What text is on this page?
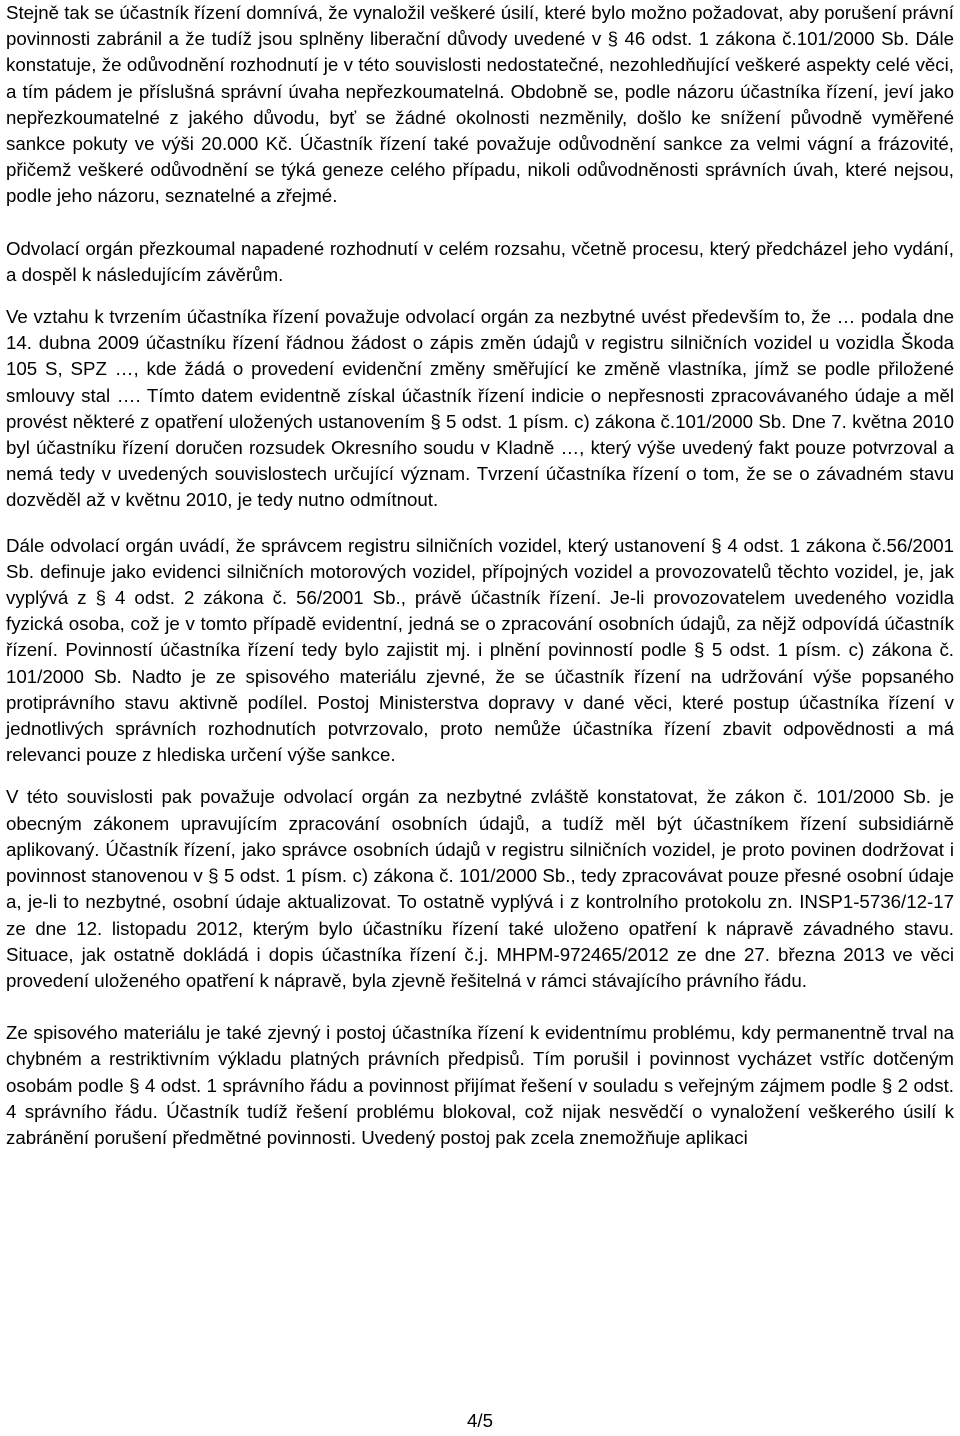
Stejně tak se účastník řízení domnívá, že vynaložil veškeré úsilí, které bylo možno požadovat, aby porušení právní povinnosti zabránil a že tudíž jsou splněny liberační důvody uvedené v § 46 odst. 1 zákona č.101/2000 Sb. Dále konstatuje, že odůvodnění rozhodnutí je v této souvislosti nedostatečné, nezohledňující veškeré aspekty celé věci, a tím pádem je příslušná správní úvaha nepřezkoumatelná. Obdobně se, podle názoru účastníka řízení, jeví jako nepřezkoumatelné z jakého důvodu, byť se žádné okolnosti nezměnily, došlo ke snížení původně vyměřené sankce pokuty ve výši 20.000 Kč. Účastník řízení také považuje odůvodnění sankce za velmi vágní a frázovité, přičemž veškeré odůvodnění se týká geneze celého případu, nikoli odůvodněnosti správních úvah, které nejsou, podle jeho názoru, seznatelné a zřejmé.

Odvolací orgán přezkoumal napadené rozhodnutí v celém rozsahu, včetně procesu, který předcházel jeho vydání, a dospěl k následujícím závěrům.

Ve vztahu k tvrzením účastníka řízení považuje odvolací orgán za nezbytné uvést především to, že … podala dne 14. dubna 2009 účastníku řízení řádnou žádost o zápis změn údajů v registru silničních vozidel u vozidla Škoda 105 S, SPZ …, kde žádá o provedení evidenční změny směřující ke změně vlastníka, jímž se podle přiložené smlouvy stal …. Tímto datem evidentně získal účastník řízení indicie o nepřesnosti zpracovávaného údaje a měl provést některé z opatření uložených ustanovením § 5 odst. 1 písm. c) zákona č.101/2000 Sb. Dne 7. května 2010 byl účastníku řízení doručen rozsudek Okresního soudu v Kladně …, který výše uvedený fakt pouze potvrzoval a nemá tedy v uvedených souvislostech určující význam. Tvrzení účastníka řízení o tom, že se o závadném stavu dozvěděl až v květnu 2010, je tedy nutno odmítnout.

Dále odvolací orgán uvádí, že správcem registru silničních vozidel, který ustanovení § 4 odst. 1 zákona č.56/2001 Sb. definuje jako evidenci silničních motorových vozidel, přípojných vozidel a provozovatelů těchto vozidel, je, jak vyplývá z § 4 odst. 2 zákona č. 56/2001 Sb., právě účastník řízení. Je-li provozovatelem uvedeného vozidla fyzická osoba, což je v tomto případě evidentní, jedná se o zpracování osobních údajů, za nějž odpovídá účastník řízení. Povinností účastníka řízení tedy bylo zajistit mj. i plnění povinností podle § 5 odst. 1 písm. c) zákona č. 101/2000 Sb. Nadto je ze spisového materiálu zjevné, že se účastník řízení na udržování výše popsaného protiprávního stavu aktivně podílel. Postoj Ministerstva dopravy v dané věci, které postup účastníka řízení v jednotlivých správních rozhodnutích potvrzovalo, proto nemůže účastníka řízení zbavit odpovědnosti a má relevanci pouze z hlediska určení výše sankce.

V této souvislosti pak považuje odvolací orgán za nezbytné zvláště konstatovat, že zákon č. 101/2000 Sb. je obecným zákonem upravujícím zpracování osobních údajů, a tudíž měl být účastníkem řízení subsidiárně aplikovaný. Účastník řízení, jako správce osobních údajů v registru silničních vozidel, je proto povinen dodržovat i povinnost stanovenou v § 5 odst. 1 písm. c) zákona č. 101/2000 Sb., tedy zpracovávat pouze přesné osobní údaje a, je-li to nezbytné, osobní údaje aktualizovat. To ostatně vyplývá i z kontrolního protokolu zn. INSP1-5736/12-17 ze dne 12. listopadu 2012, kterým bylo účastníku řízení také uloženo opatření k nápravě závadného stavu. Situace, jak ostatně dokládá i dopis účastníka řízení č.j. MHPM-972465/2012 ze dne 27. března 2013 ve věci provedení uloženého opatření k nápravě, byla zjevně řešitelná v rámci stávajícího právního řádu.

Ze spisového materiálu je také zjevný i postoj účastníka řízení k evidentnímu problému, kdy permanentně trval na chybném a restriktivním výkladu platných právních předpisů. Tím porušil i povinnost vycházet vstříc dotčeným osobám podle § 4 odst. 1 správního řádu a povinnost přijímat řešení v souladu s veřejným zájmem podle § 2 odst. 4 správního řádu. Účastník tudíž řešení problému blokoval, což nijak nesvědčí o vynaložení veškerého úsilí k zabránění porušení předmětné povinnosti. Uvedený postoj pak zcela znemožňuje aplikaci

4/5
